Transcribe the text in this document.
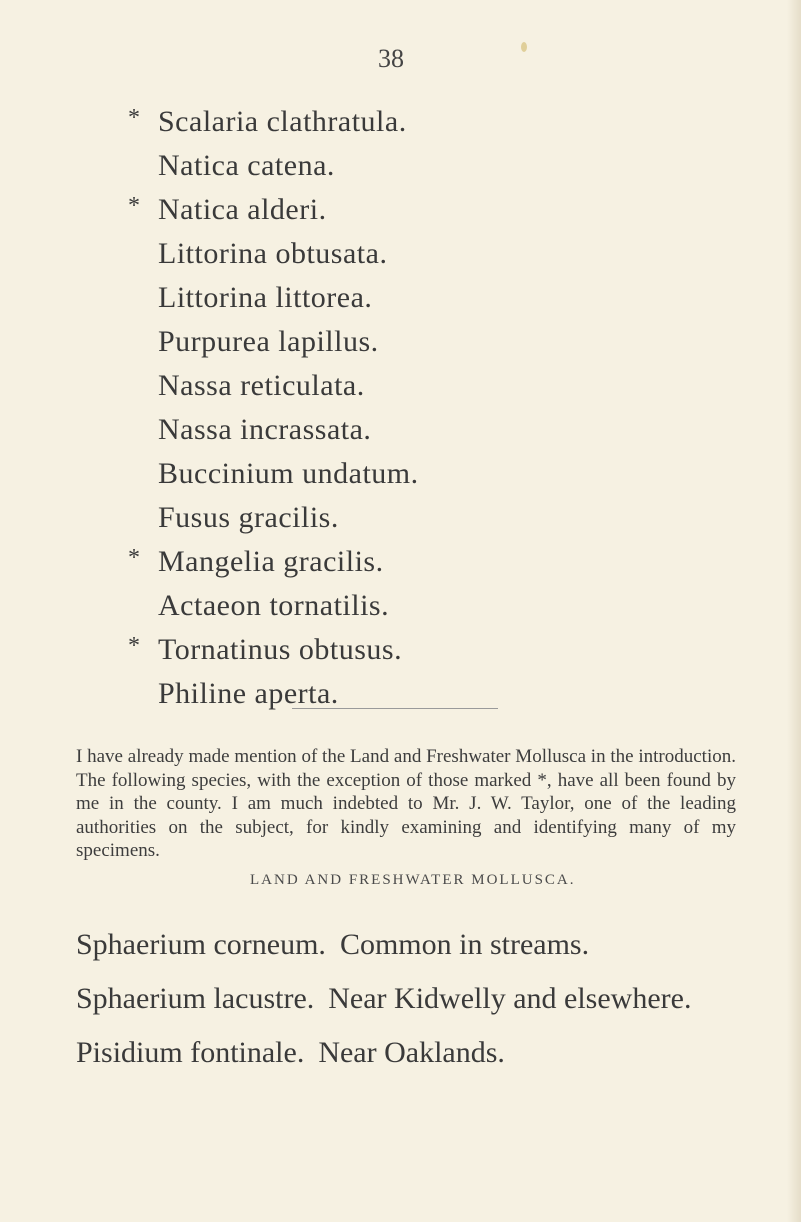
38
* Scalaria clathratula.
Natica catena.
* Natica alderi.
Littorina obtusata.
Littorina littorea.
Purpurea lapillus.
Nassa reticulata.
Nassa incrassata.
Buccinium undatum.
Fusus gracilis.
* Mangelia gracilis.
Actaeon tornatilis.
* Tornatinus obtusus.
Philine aperta.

I have already made mention of the Land and Freshwater Mollusca in the introduction. The following species, with the exception of those marked *, have all been found by me in the county. I am much indebted to Mr. J. W. Taylor, one of the leading authorities on the subject, for kindly examining and identifying many of my specimens.

LAND AND FRESHWATER MOLLUSCA.
Sphaerium corneum. Common in streams.
Sphaerium lacustre. Near Kidwelly and elsewhere.
Pisidium fontinale. Near Oaklands.
